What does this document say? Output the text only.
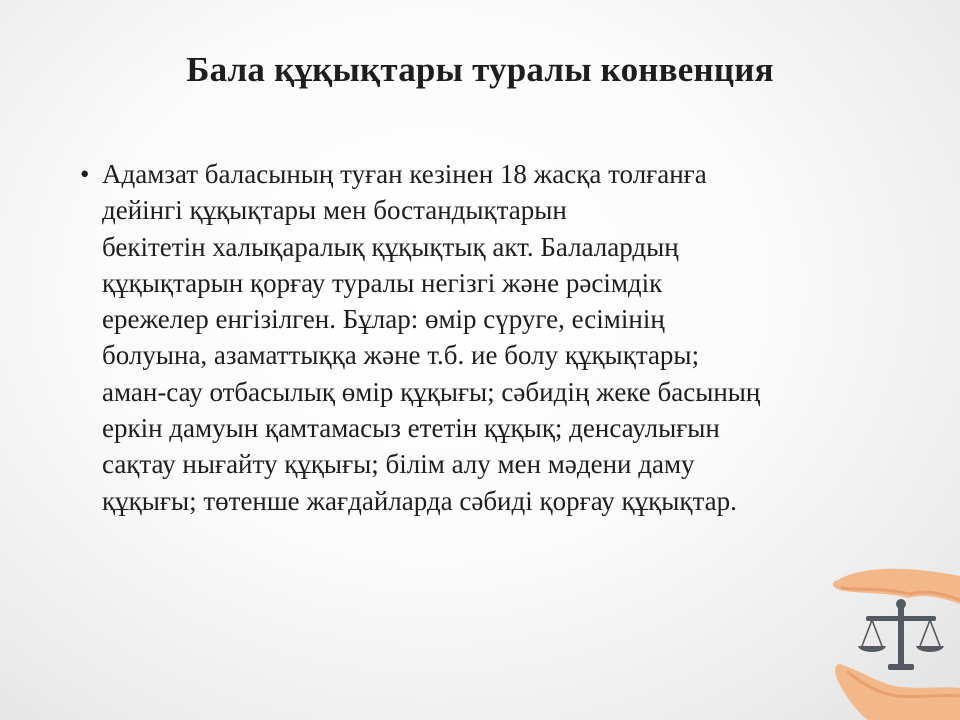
Бала құқықтары туралы конвенция
• Адамзат баласының туған кезінен 18 жасқа толғанға
дейінгі құқықтары мен бостандықтарын
бекітетін халықаралық құқықтық акт. Балалардың
құқықтарын қорғау туралы негізгі және рәсімдік
ережелер енгізілген. Бұлар: өмір сүруге, есімінің
болуына, азаматтыққа және т.б. ие болу құқықтары;
аман-сау отбасылық өмір құқығы; сәбидің жеке басының
еркін дамуын қамтамасыз ететін құқық; денсаулығын
сақтау нығайту құқығы; білім алу мен мәдени даму
құқығы; төтенше жағдайларда сәбиді қорғау құқықтар.
